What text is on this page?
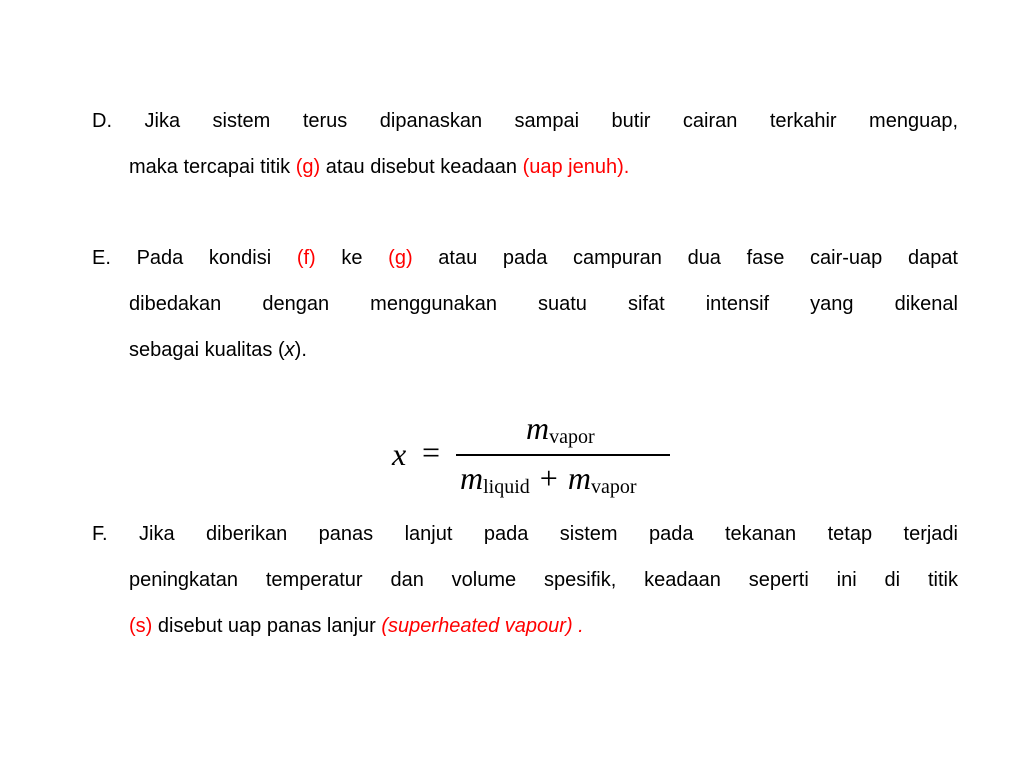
D. Jika sistem terus dipanaskan sampai butir cairan terkahir menguap,
maka tercapai titik (g) atau disebut keadaan (uap jenuh).
E. Pada kondisi (f) ke (g) atau pada campuran dua fase cair-uap dapat
dibedakan dengan menggunakan suatu sifat intensif yang dikenal
sebagai kualitas (x).
x =
$m_{vapor}$
$m_{liquid} + m_{vapor}$
F. Jika diberikan panas lanjut pada sistem pada tekanan tetap terjadi
peningkatan temperatur dan volume spesifik, keadaan seperti ini di titik
(s) disebut uap panas lanjur (superheated vapour) .
